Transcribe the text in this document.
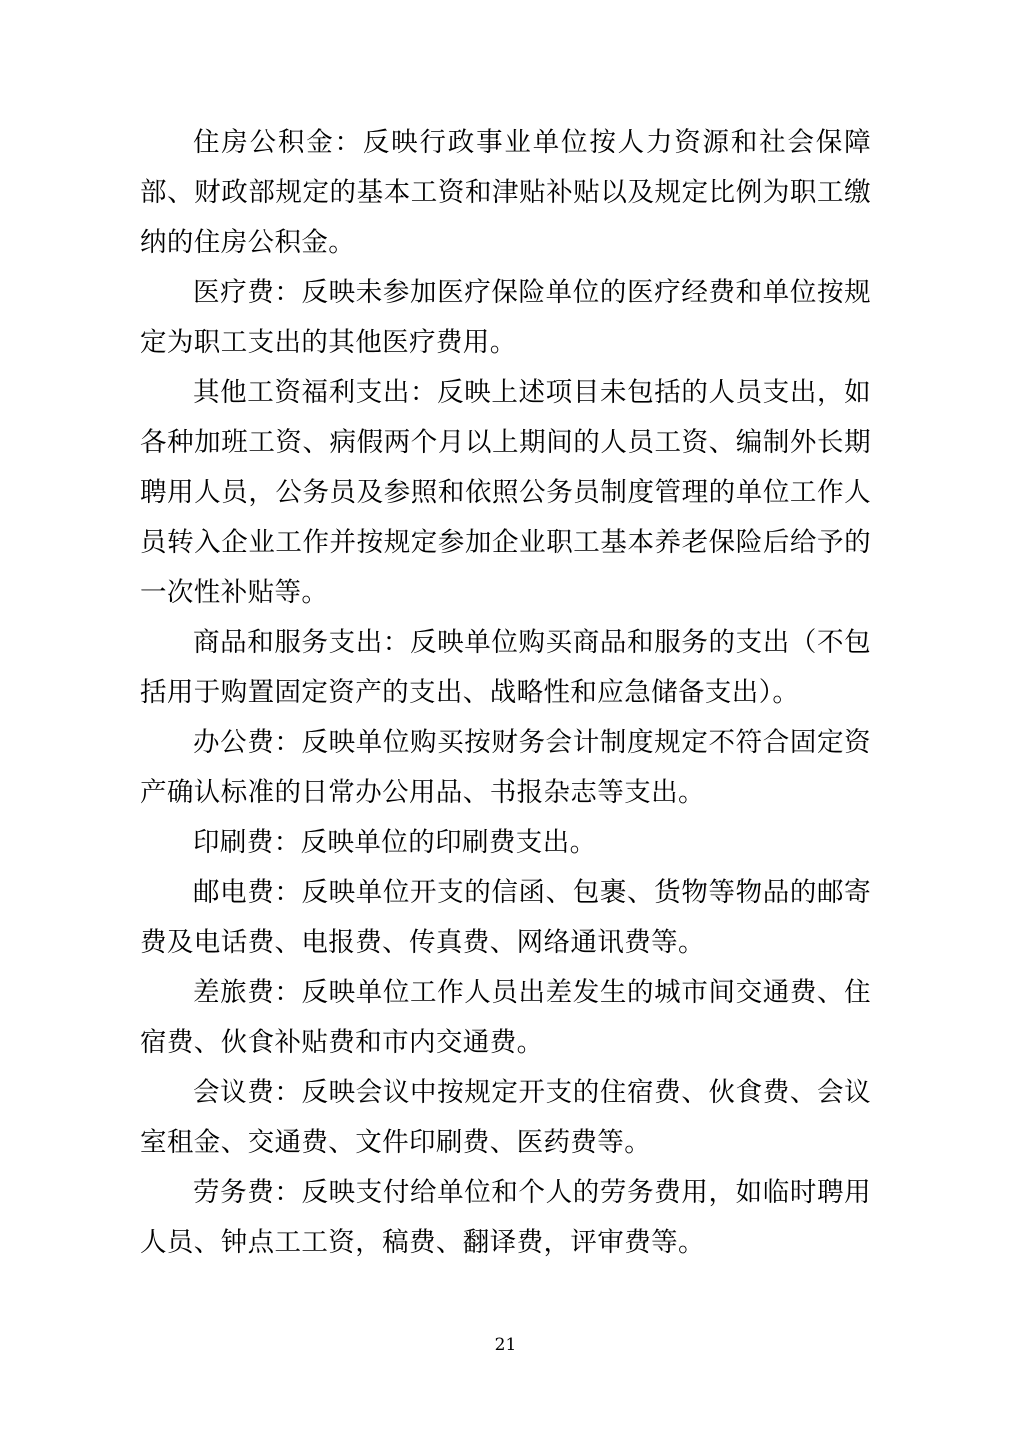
住房公积金：反映行政事业单位按人力资源和社会保障部、财政部规定的基本工资和津贴补贴以及规定比例为职工缴纳的住房公积金。

医疗费：反映未参加医疗保险单位的医疗经费和单位按规定为职工支出的其他医疗费用。

其他工资福利支出：反映上述项目未包括的人员支出，如各种加班工资、病假两个月以上期间的人员工资、编制外长期聘用人员，公务员及参照和依照公务员制度管理的单位工作人员转入企业工作并按规定参加企业职工基本养老保险后给予的一次性补贴等。

商品和服务支出：反映单位购买商品和服务的支出（不包括用于购置固定资产的支出、战略性和应急储备支出）。

办公费：反映单位购买按财务会计制度规定不符合固定资产确认标准的日常办公用品、书报杂志等支出。

印刷费：反映单位的印刷费支出。

邮电费：反映单位开支的信函、包裹、货物等物品的邮寄费及电话费、电报费、传真费、网络通讯费等。

差旅费：反映单位工作人员出差发生的城市间交通费、住宿费、伙食补贴费和市内交通费。

会议费：反映会议中按规定开支的住宿费、伙食费、会议室租金、交通费、文件印刷费、医药费等。

劳务费：反映支付给单位和个人的劳务费用，如临时聘用人员、钟点工工资，稿费、翻译费，评审费等。

21
